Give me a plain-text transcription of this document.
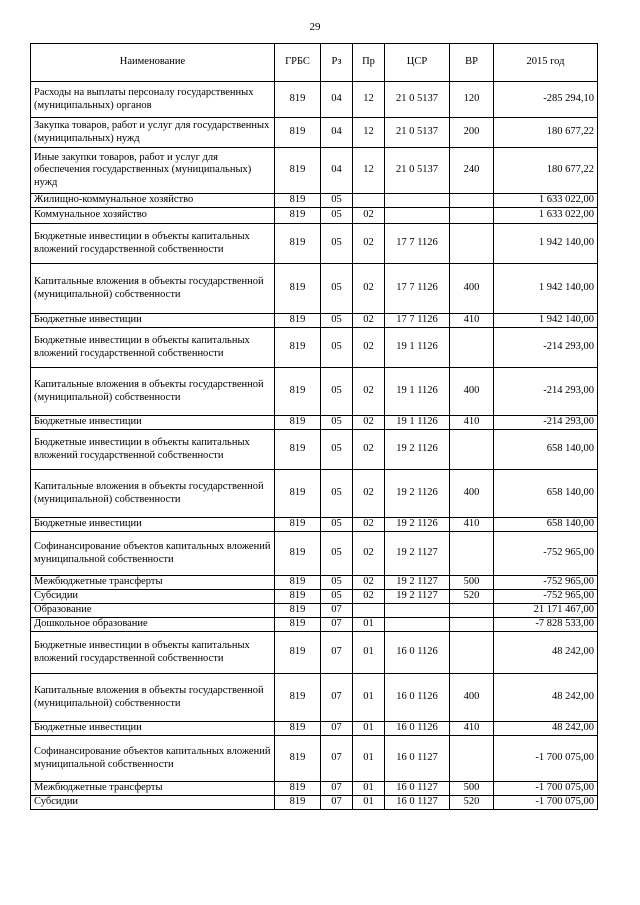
29
Наименование	ГРБС	Рз	Пр	ЦСР	ВР	2015 год
Расходы на выплаты персоналу государственных (муниципальных) органов	819	04	12	21 0 5137	120	-285 294,10
Закупка товаров, работ и услуг для государственных (муниципальных) нужд	819	04	12	21 0 5137	200	180 677,22
Иные закупки товаров, работ и услуг для обеспечения государственных (муниципальных) нужд	819	04	12	21 0 5137	240	180 677,22
Жилищно-коммунальное хозяйство	819	05				1 633 022,00
Коммунальное хозяйство	819	05	02			1 633 022,00
Бюджетные инвестиции в объекты капитальных вложений государственной собственности	819	05	02	17 7 1126		1 942 140,00
Капитальные вложения в объекты государственной (муниципальной) собственности	819	05	02	17 7 1126	400	1 942 140,00
Бюджетные инвестиции	819	05	02	17 7 1126	410	1 942 140,00
Бюджетные инвестиции в объекты капитальных вложений государственной собственности	819	05	02	19 1 1126		-214 293,00
Капитальные вложения в объекты государственной (муниципальной) собственности	819	05	02	19 1 1126	400	-214 293,00
Бюджетные инвестиции	819	05	02	19 1 1126	410	-214 293,00
Бюджетные инвестиции в объекты капитальных вложений государственной собственности	819	05	02	19 2 1126		658 140,00
Капитальные вложения в объекты государственной (муниципальной) собственности	819	05	02	19 2 1126	400	658 140,00
Бюджетные инвестиции	819	05	02	19 2 1126	410	658 140,00
Софинансирование объектов капитальных вложений муниципальной собственности	819	05	02	19 2 1127		-752 965,00
Межбюджетные трансферты	819	05	02	19 2 1127	500	-752 965,00
Субсидии	819	05	02	19 2 1127	520	-752 965,00
Образование	819	07				21 171 467,00
Дошкольное образование	819	07	01			-7 828 533,00
Бюджетные инвестиции в объекты капитальных вложений государственной собственности	819	07	01	16 0 1126		48 242,00
Капитальные вложения в объекты государственной (муниципальной) собственности	819	07	01	16 0 1126	400	48 242,00
Бюджетные инвестиции	819	07	01	16 0 1126	410	48 242,00
Софинансирование объектов капитальных вложений муниципальной собственности	819	07	01	16 0 1127		-1 700 075,00
Межбюджетные трансферты	819	07	01	16 0 1127	500	-1 700 075,00
Субсидии	819	07	01	16 0 1127	520	-1 700 075,00
